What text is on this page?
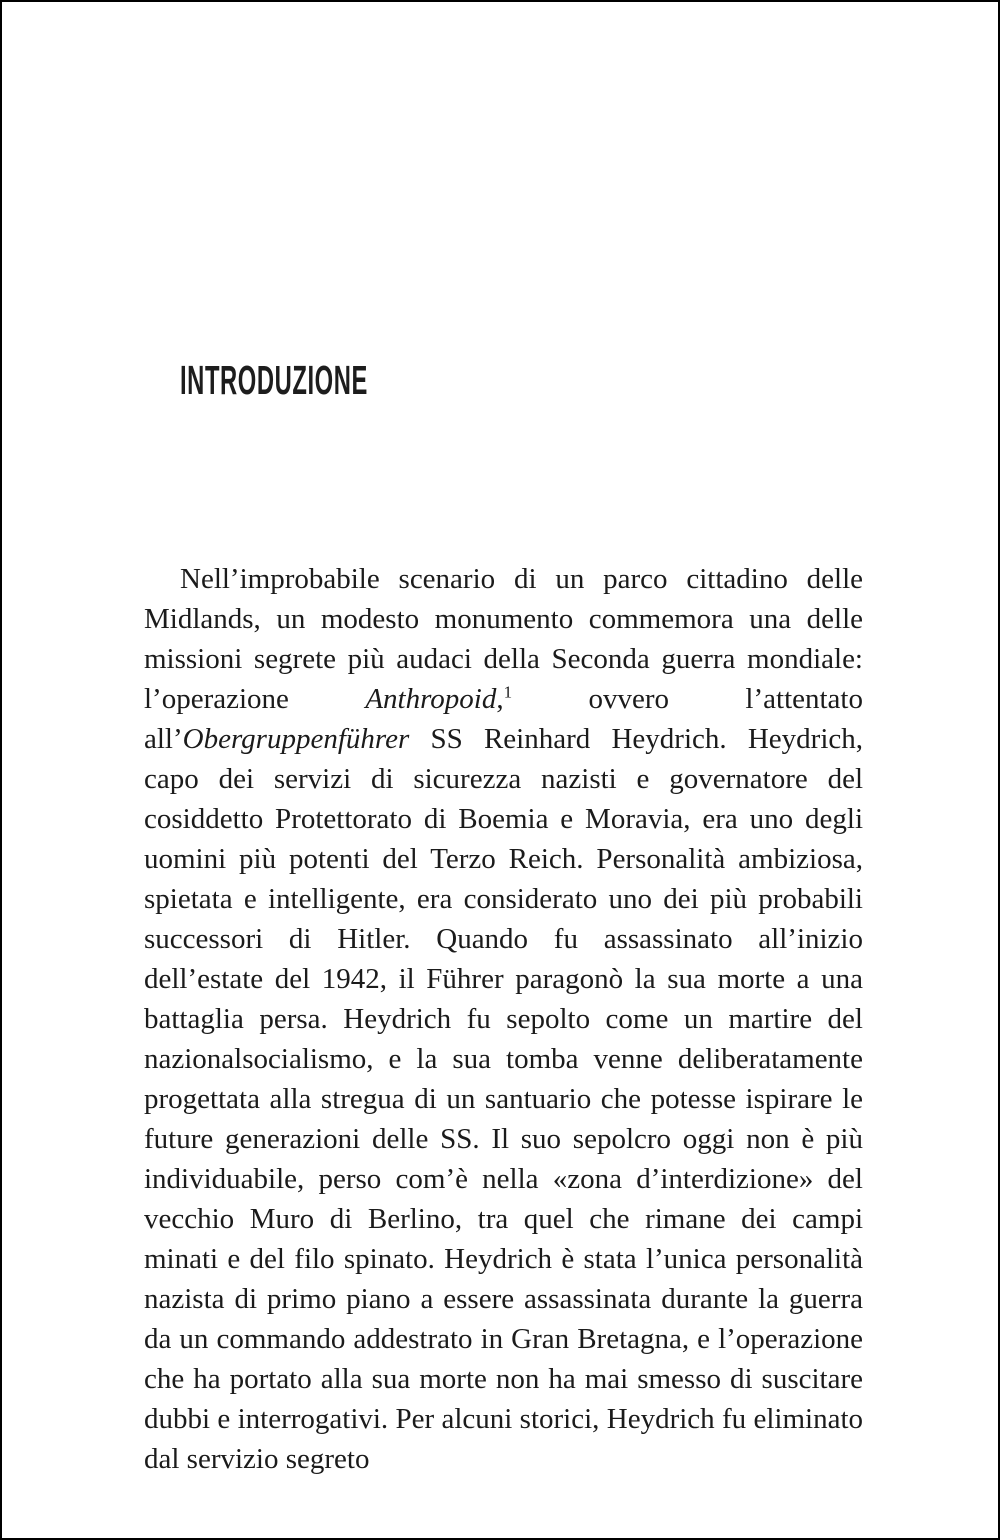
INTRODUZIONE

Nell’improbabile scenario di un parco cittadino delle Midlands, un modesto monumento commemora una delle missioni segrete più audaci della Seconda guerra mondiale: l’operazione Anthropoid,$^1$ ovvero l’attentato all’Obergruppenführer SS Reinhard Heydrich. Heydrich, capo dei servizi di sicurezza nazisti e governatore del cosiddetto Protettorato di Boemia e Moravia, era uno degli uomini più potenti del Terzo Reich. Personalità ambiziosa, spietata e intelligente, era considerato uno dei più probabili successori di Hitler. Quando fu assassinato all’inizio dell’estate del 1942, il Führer paragonò la sua morte a una battaglia persa. Heydrich fu sepolto come un martire del nazionalsocialismo, e la sua tomba venne deliberatamente progettata alla stregua di un santuario che potesse ispirare le future generazioni delle SS. Il suo sepolcro oggi non è più individuabile, perso com’è nella «zona d’interdizione» del vecchio Muro di Berlino, tra quel che rimane dei campi minati e del filo spinato. Heydrich è stata l’unica personalità nazista di primo piano a essere assassinata durante la guerra da un commando addestrato in Gran Bretagna, e l’operazione che ha portato alla sua morte non ha mai smesso di suscitare dubbi e interrogativi. Per alcuni storici, Heydrich fu eliminato dal servizio segreto
